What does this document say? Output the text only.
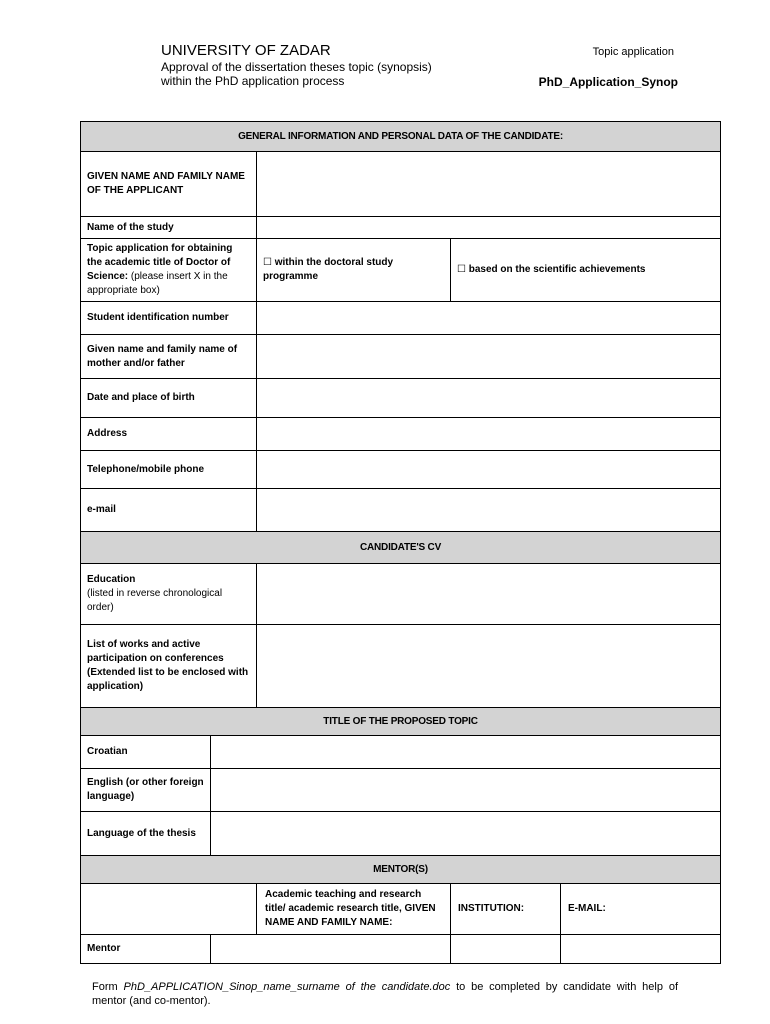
UNIVERSITY OF ZADAR
Approval of the dissertation theses topic (synopsis)
within the PhD application process
Topic application
PhD_Application_Synop
GENERAL INFORMATION AND PERSONAL DATA OF THE CANDIDATE:				
GIVEN NAME AND FAMILY NAME OF THE APPLICANT				
Name of the study				
Topic application for obtaining the academic title of Doctor of Science: (please insert X in the appropriate box)		☐ within the doctoral study programme	☐ based on the scientific achievements	
Student identification number				
Given name and family name of mother and/or father				
Date and place of birth				
Address				
Telephone/mobile phone				
e-mail				
CANDIDATE'S CV				
Education
(listed in reverse chronological order)				
List of works and active participation on conferences (Extended list to be enclosed with application)				
TITLE OF THE PROPOSED TOPIC				
Croatian				
English (or other foreign language)				
Language of the thesis				
MENTOR(S)				
		Academic teaching and research title/ academic research title, GIVEN NAME AND FAMILY NAME:	INSTITUTION:	E-MAIL:
Mentor				
Form PhD_APPLICATION_Sinop_name_surname of the candidate.doc to be completed by candidate with help of mentor (and co-mentor).
